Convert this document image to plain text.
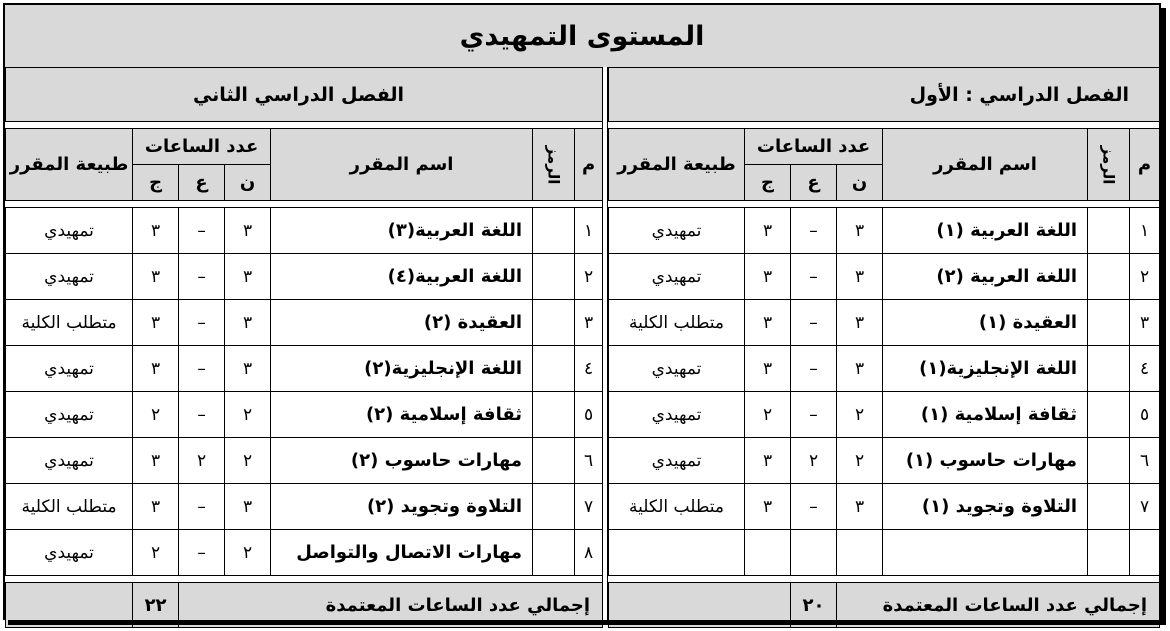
المستوى التمهيدي
الفصل الدراسي : الأول						

م	الرمز	اسم المقرر	عدد الساعات			طبيعة المقرر
			ن	ع	ج	

١		اللغة العربية (١)	٣	–	٣	تمهيدي
٢		اللغة العربية (٢)	٣	–	٣	تمهيدي
٣		العقيدة (١)	٣	–	٣	متطلب الكلية
٤		اللغة الإنجليزية(١)	٣	–	٣	تمهيدي
٥		ثقافة إسلامية (١)	٢	–	٢	تمهيدي
٦		مهارات حاسوب (١)	٢	٢	٣	تمهيدي
٧		التلاوة وتجويد (١)	٣	–	٣	متطلب الكلية

إجمالي عدد الساعات المعتمدة				٢٠		
الفصل الدراسي الثاني						

م	الرمز	اسم المقرر	عدد الساعات			طبيعة المقرر
			ن	ع	ج	

١		اللغة العربية(٣)	٣	–	٣	تمهيدي
٢		اللغة العربية(٤)	٣	–	٣	تمهيدي
٣		العقيدة (٢)	٣	–	٣	متطلب الكلية
٤		اللغة الإنجليزية(٢)	٣	–	٣	تمهيدي
٥		ثقافة إسلامية (٢)	٢	–	٢	تمهيدي
٦		مهارات حاسوب (٢)	٢	٢	٣	تمهيدي
٧		التلاوة وتجويد (٢)	٣	–	٣	متطلب الكلية
٨		مهارات الاتصال والتواصل	٢	–	٢	تمهيدي

إجمالي عدد الساعات المعتمدة					٢٢	
